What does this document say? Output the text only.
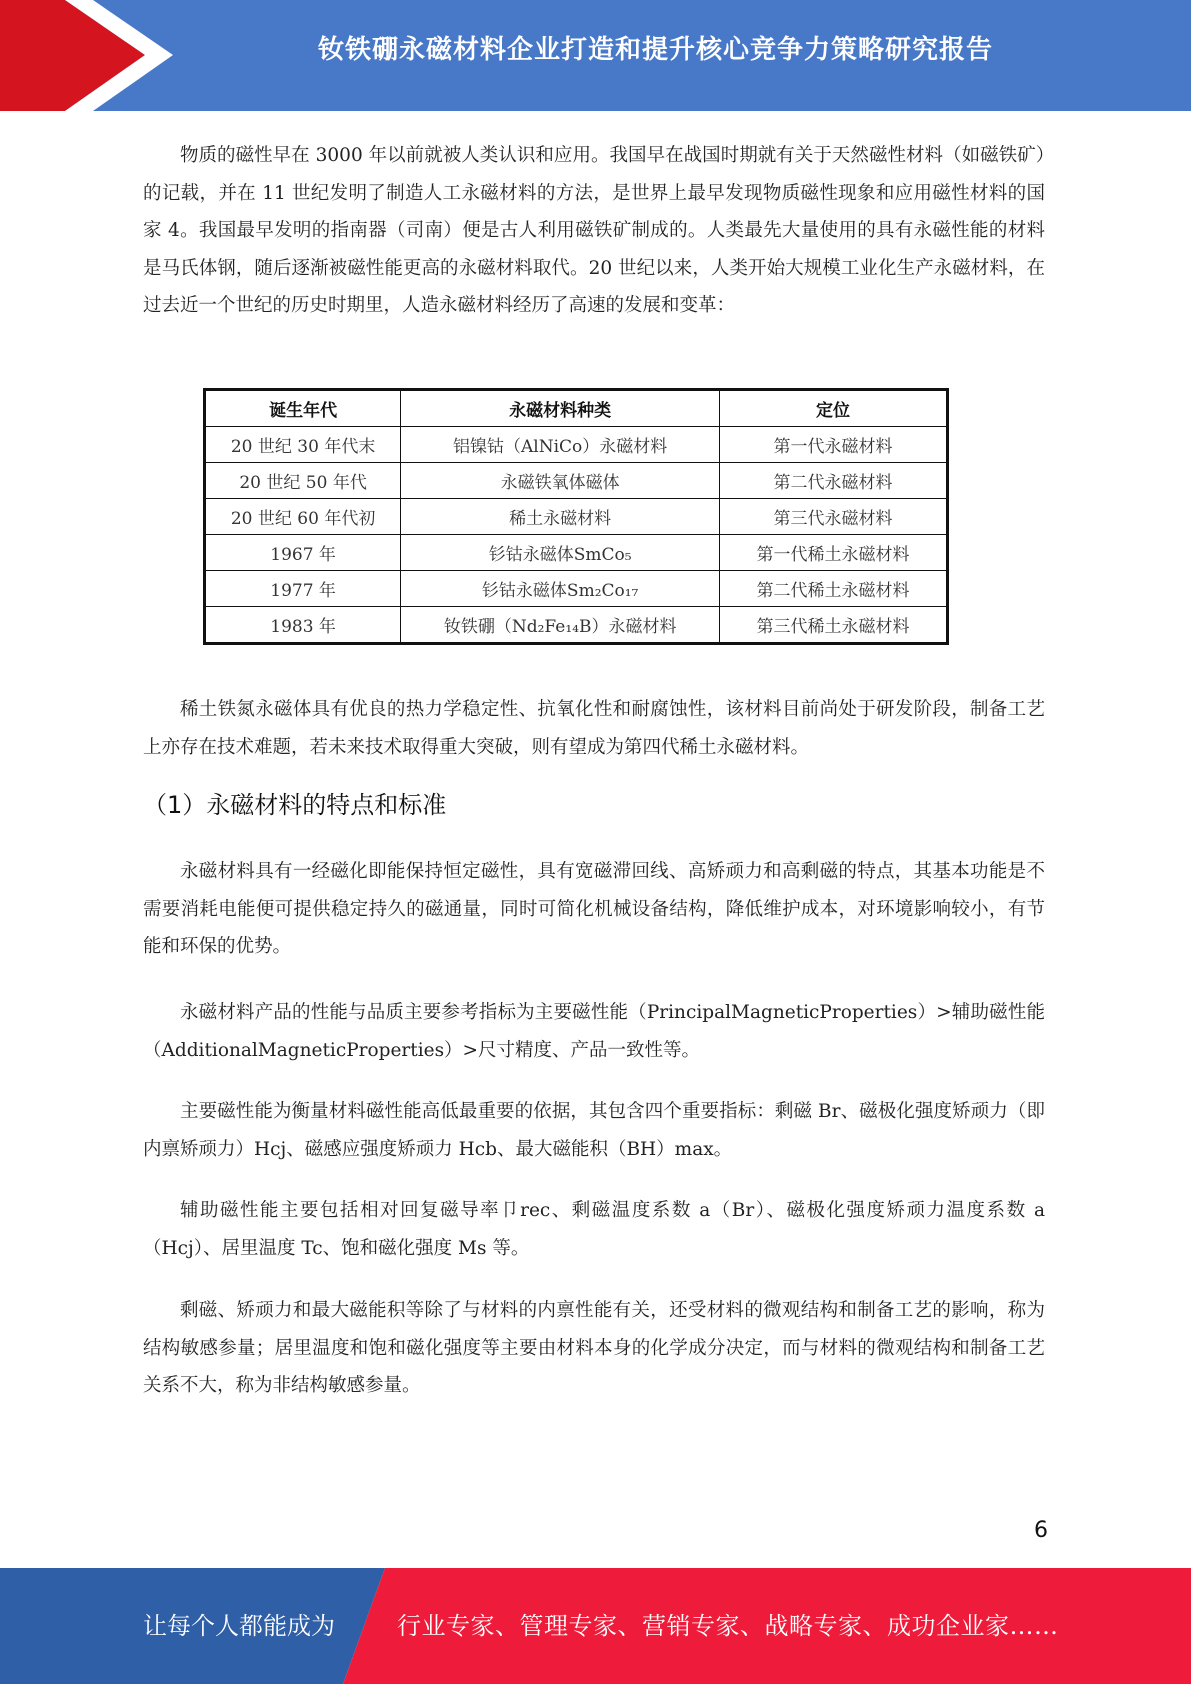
钕铁硼永磁材料企业打造和提升核心竞争力策略研究报告
物质的磁性早在 3000 年以前就被人类认识和应用。我国早在战国时期就有关于天然磁性材料（如磁铁矿）的记载，并在 11 世纪发明了制造人工永磁材料的方法，是世界上最早发现物质磁性现象和应用磁性材料的国家 4。我国最早发明的指南器（司南）便是古人利用磁铁矿制成的。人类最先大量使用的具有永磁性能的材料是马氏体钢，随后逐渐被磁性能更高的永磁材料取代。20 世纪以来，人类开始大规模工业化生产永磁材料，在过去近一个世纪的历史时期里，人造永磁材料经历了高速的发展和变革：
诞生年代	永磁材料种类	定位
20 世纪 30 年代末	铝镍钴（AlNiCo）永磁材料	第一代永磁材料
20 世纪 50 年代	永磁铁氧体磁体	第二代永磁材料
20 世纪 60 年代初	稀土永磁材料	第三代永磁材料
1967 年	钐钴永磁体SmCo₅	第一代稀土永磁材料
1977 年	钐钴永磁体Sm₂Co₁₇	第二代稀土永磁材料
1983 年	钕铁硼（Nd₂Fe₁₄B）永磁材料	第三代稀土永磁材料
稀土铁氮永磁体具有优良的热力学稳定性、抗氧化性和耐腐蚀性，该材料目前尚处于研发阶段，制备工艺上亦存在技术难题，若未来技术取得重大突破，则有望成为第四代稀土永磁材料。
（1）永磁材料的特点和标准
永磁材料具有一经磁化即能保持恒定磁性，具有宽磁滞回线、高矫顽力和高剩磁的特点，其基本功能是不需要消耗电能便可提供稳定持久的磁通量，同时可简化机械设备结构，降低维护成本，对环境影响较小，有节能和环保的优势。
永磁材料产品的性能与品质主要参考指标为主要磁性能（PrincipalMagneticProperties）>辅助磁性能（AdditionalMagneticProperties）>尺寸精度、产品一致性等。
主要磁性能为衡量材料磁性能高低最重要的依据，其包含四个重要指标：剩磁 Br、磁极化强度矫顽力（即内禀矫顽力）Hcj、磁感应强度矫顽力 Hcb、最大磁能积（BH）max。
辅助磁性能主要包括相对回复磁导率卩rec、剩磁温度系数 a（Br）、磁极化强度矫顽力温度系数 a（Hcj）、居里温度 Tc、饱和磁化强度 Ms 等。
剩磁、矫顽力和最大磁能积等除了与材料的内禀性能有关，还受材料的微观结构和制备工艺的影响，称为结构敏感参量；居里温度和饱和磁化强度等主要由材料本身的化学成分决定，而与材料的微观结构和制备工艺关系不大，称为非结构敏感参量。
6
让每个人都能成为	行业专家、管理专家、营销专家、战略专家、成功企业家……
